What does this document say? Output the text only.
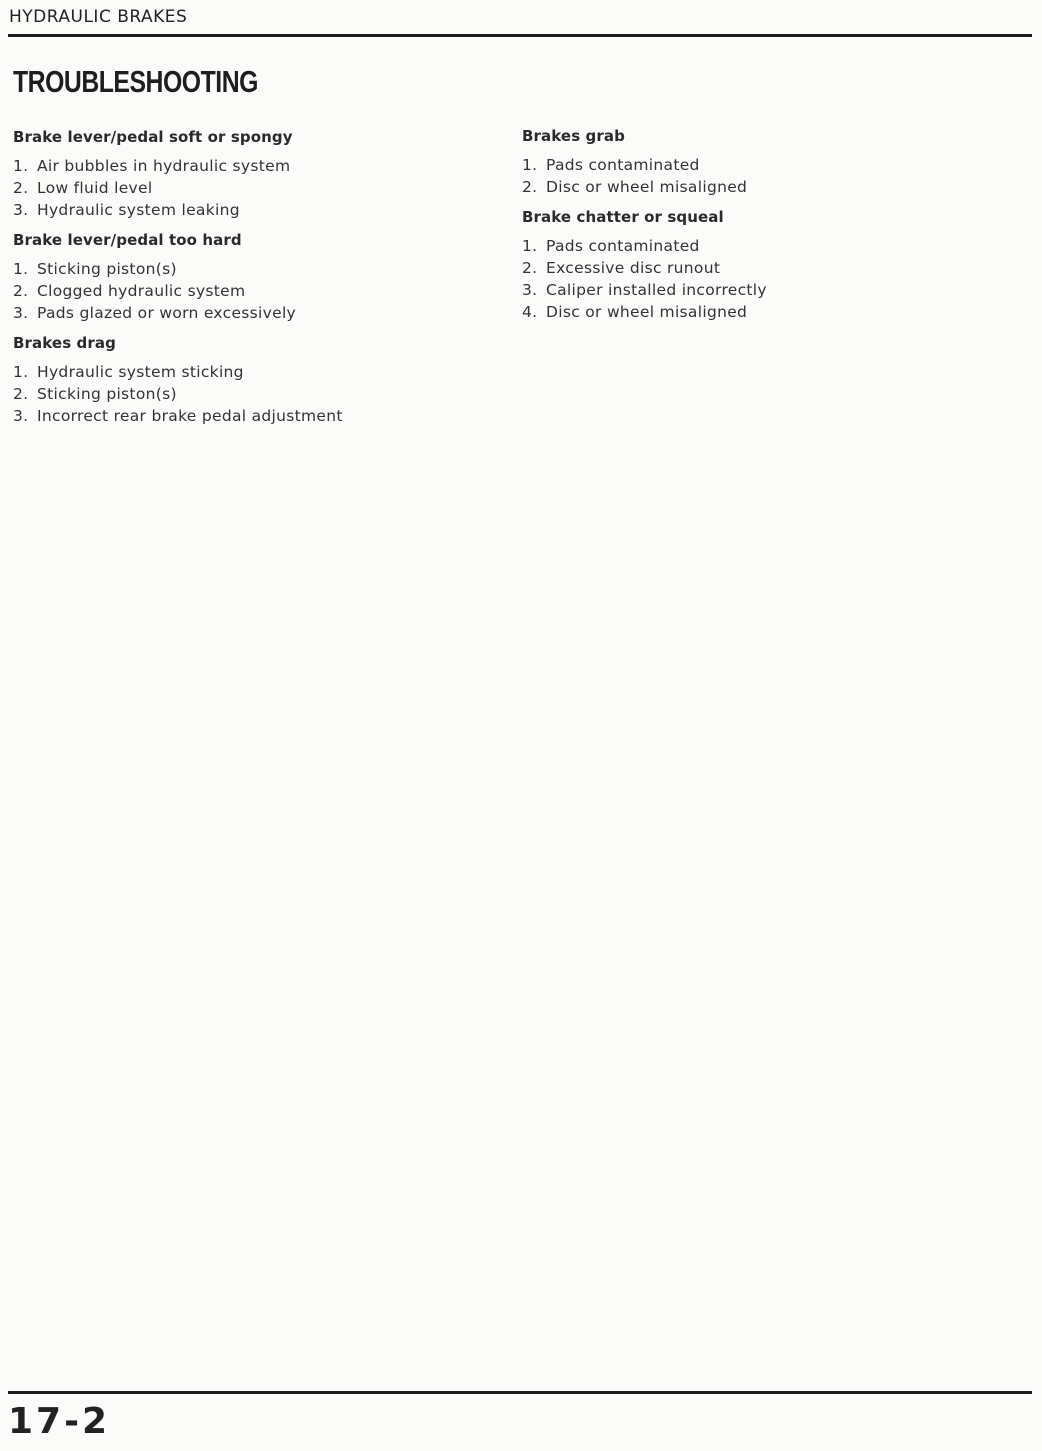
HYDRAULIC BRAKES
TROUBLESHOOTING
Brake lever/pedal soft or spongy
1. Air bubbles in hydraulic system
2. Low fluid level
3. Hydraulic system leaking
Brake lever/pedal too hard
1. Sticking piston(s)
2. Clogged hydraulic system
3. Pads glazed or worn excessively
Brakes drag
1. Hydraulic system sticking
2. Sticking piston(s)
3. Incorrect rear brake pedal adjustment
Brakes grab
1. Pads contaminated
2. Disc or wheel misaligned
Brake chatter or squeal
1. Pads contaminated
2. Excessive disc runout
3. Caliper installed incorrectly
4. Disc or wheel misaligned
17-2
